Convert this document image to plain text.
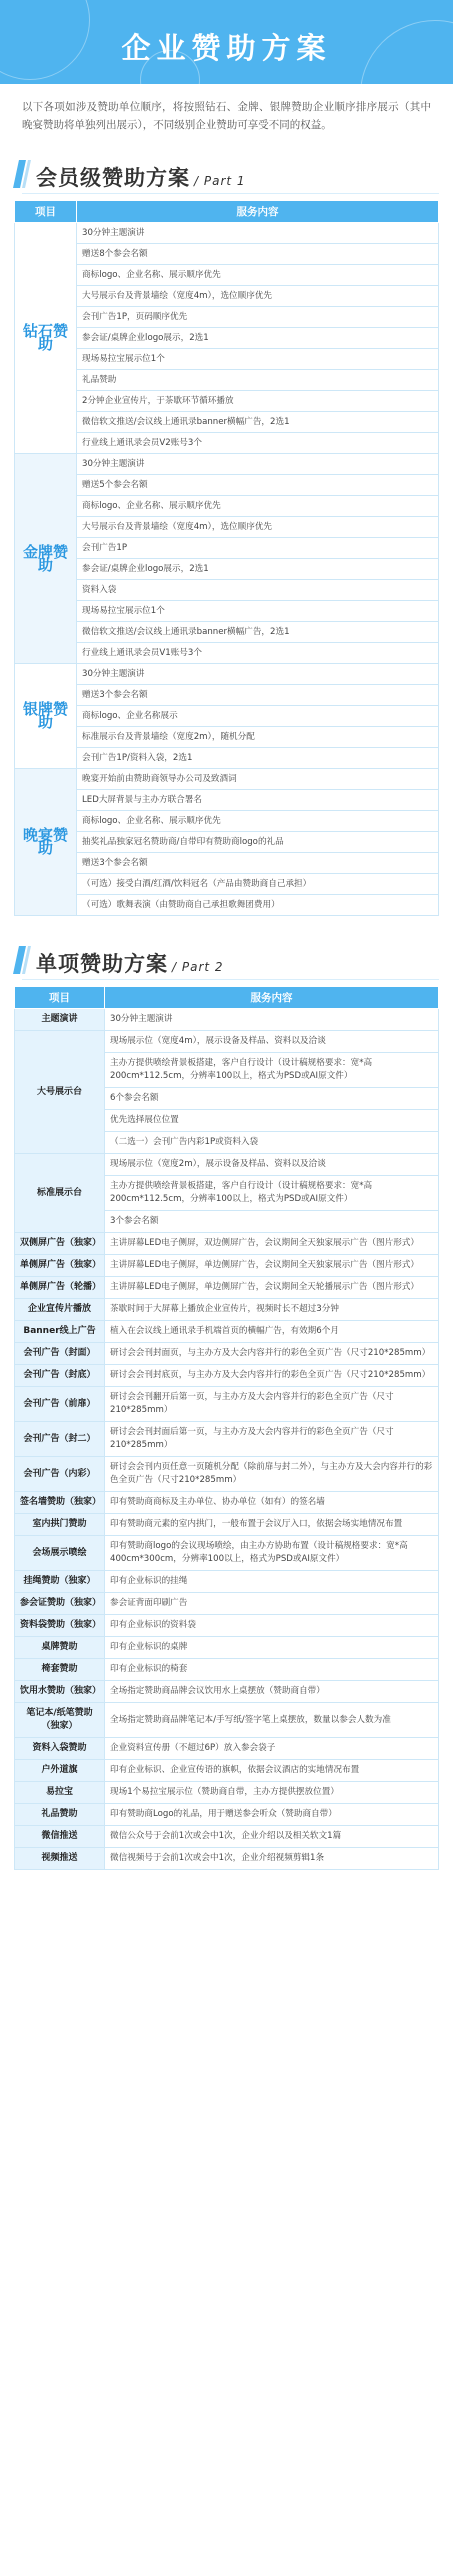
企业赞助方案

以下各项如涉及赞助单位顺序，将按照钻石、金牌、银牌赞助企业顺序排序展示（其中晚宴赞助将单独列出展示），不同级别企业赞助可享受不同的权益。

会员级赞助方案 / Part 1
项目	服务内容
钻石赞助	30分钟主题演讲
	赠送8个参会名额
	商标logo、企业名称、展示顺序优先
	大号展示台及背景墙绘（宽度4m），选位顺序优先
	会刊广告1P，页码顺序优先
	参会证/桌牌企业logo展示，2选1
	现场易拉宝展示位1个
	礼品赞助
	2分钟企业宣传片，于茶歇环节循环播放
	微信软文推送/会议线上通讯录banner横幅广告，2选1
	行业线上通讯录会员V2账号3个
金牌赞助	30分钟主题演讲
	赠送5个参会名额
	商标logo、企业名称、展示顺序优先
	大号展示台及背景墙绘（宽度4m），选位顺序优先
	会刊广告1P
	参会证/桌牌企业logo展示，2选1
	资料入袋
	现场易拉宝展示位1个
	微信软文推送/会议线上通讯录banner横幅广告，2选1
	行业线上通讯录会员V1账号3个
银牌赞助	30分钟主题演讲
	赠送3个参会名额
	商标logo、企业名称展示
	标准展示台及背景墙绘（宽度2m），随机分配
	会刊广告1P/资料入袋，2选1
晚宴赞助	晚宴开始前由赞助商领导办公司及致酒词
	LED大屏背景与主办方联合署名
	商标logo、企业名称、展示顺序优先
	抽奖礼品独家冠名赞助商/自带印有赞助商logo的礼品
	赠送3个参会名额
	（可选）接受白酒/红酒/饮料冠名（产品由赞助商自己承担）
	（可选）歌舞表演（由赞助商自己承担歌舞团费用）
单项赞助方案 / Part 2
项目	服务内容
主题演讲	30分钟主题演讲
大号展示台	现场展示位（宽度4m），展示设备及样品、资料以及洽谈
	主办方提供喷绘背景板搭建，客户自行设计（设计稿规格要求：宽*高200cm*112.5cm，分辨率100以上，格式为PSD或AI原文件）
	6个参会名额
	优先选择展位位置
	（二选一）会刊广告内彩1P或资料入袋
标准展示台	现场展示位（宽度2m），展示设备及样品、资料以及洽谈
	主办方提供喷绘背景板搭建，客户自行设计（设计稿规格要求：宽*高200cm*112.5cm，分辨率100以上，格式为PSD或AI原文件）
	3个参会名额
双侧屏广告（独家）	主讲屏幕LED电子侧屏，双边侧屏广告，会议期间全天独家展示广告（图片形式）
单侧屏广告（独家）	主讲屏幕LED电子侧屏，单边侧屏广告，会议期间全天独家展示广告（图片形式）
单侧屏广告（轮播）	主讲屏幕LED电子侧屏，单边侧屏广告，会议期间全天轮播展示广告（图片形式）
企业宣传片播放	茶歇时间于大屏幕上播放企业宣传片，视频时长不超过3分钟
Banner线上广告	植入在会议线上通讯录手机端首页的横幅广告，有效期6个月
会刊广告（封面）	研讨会会刊封面页，与主办方及大会内容并行的彩色全页广告（尺寸210*285mm）
会刊广告（封底）	研讨会会刊封底页，与主办方及大会内容并行的彩色全页广告（尺寸210*285mm）
会刊广告（前扉）	研讨会会刊翻开后第一页，与主办方及大会内容并行的彩色全页广告（尺寸210*285mm）
会刊广告（封二）	研讨会会刊封面后第一页，与主办方及大会内容并行的彩色全页广告（尺寸210*285mm）
会刊广告（内彩）	研讨会会刊内页任意一页随机分配（除前扉与封二外），与主办方及大会内容并行的彩色全页广告（尺寸210*285mm）
签名墙赞助（独家）	印有赞助商商标及主办单位、协办单位（如有）的签名墙
室内拱门赞助	印有赞助商元素的室内拱门，一般布置于会议厅入口，依据会场实地情况布置
会场展示喷绘	印有赞助商logo的会议现场喷绘，由主办方协助布置（设计稿规格要求：宽*高400cm*300cm，分辨率100以上，格式为PSD或AI原文件）
挂绳赞助（独家）	印有企业标识的挂绳
参会证赞助（独家）	参会证背面印刷广告
资料袋赞助（独家）	印有企业标识的资料袋
桌牌赞助	印有企业标识的桌牌
椅套赞助	印有企业标识的椅套
饮用水赞助（独家）	全场指定赞助商品牌会议饮用水上桌摆放（赞助商自带）
笔记本/纸笔赞助（独家）	全场指定赞助商品牌笔记本/手写纸/签字笔上桌摆放，数量以参会人数为准
资料入袋赞助	企业资料宣传册（不超过6P）放入参会袋子
户外道旗	印有企业标识、企业宣传语的旗帜，依据会议酒店的实地情况布置
易拉宝	现场1个易拉宝展示位（赞助商自带，主办方提供摆放位置）
礼品赞助	印有赞助商Logo的礼品，用于赠送参会听众（赞助商自带）
微信推送	微信公众号于会前1次或会中1次，企业介绍以及相关软文1篇
视频推送	微信视频号于会前1次或会中1次，企业介绍视频剪辑1条
